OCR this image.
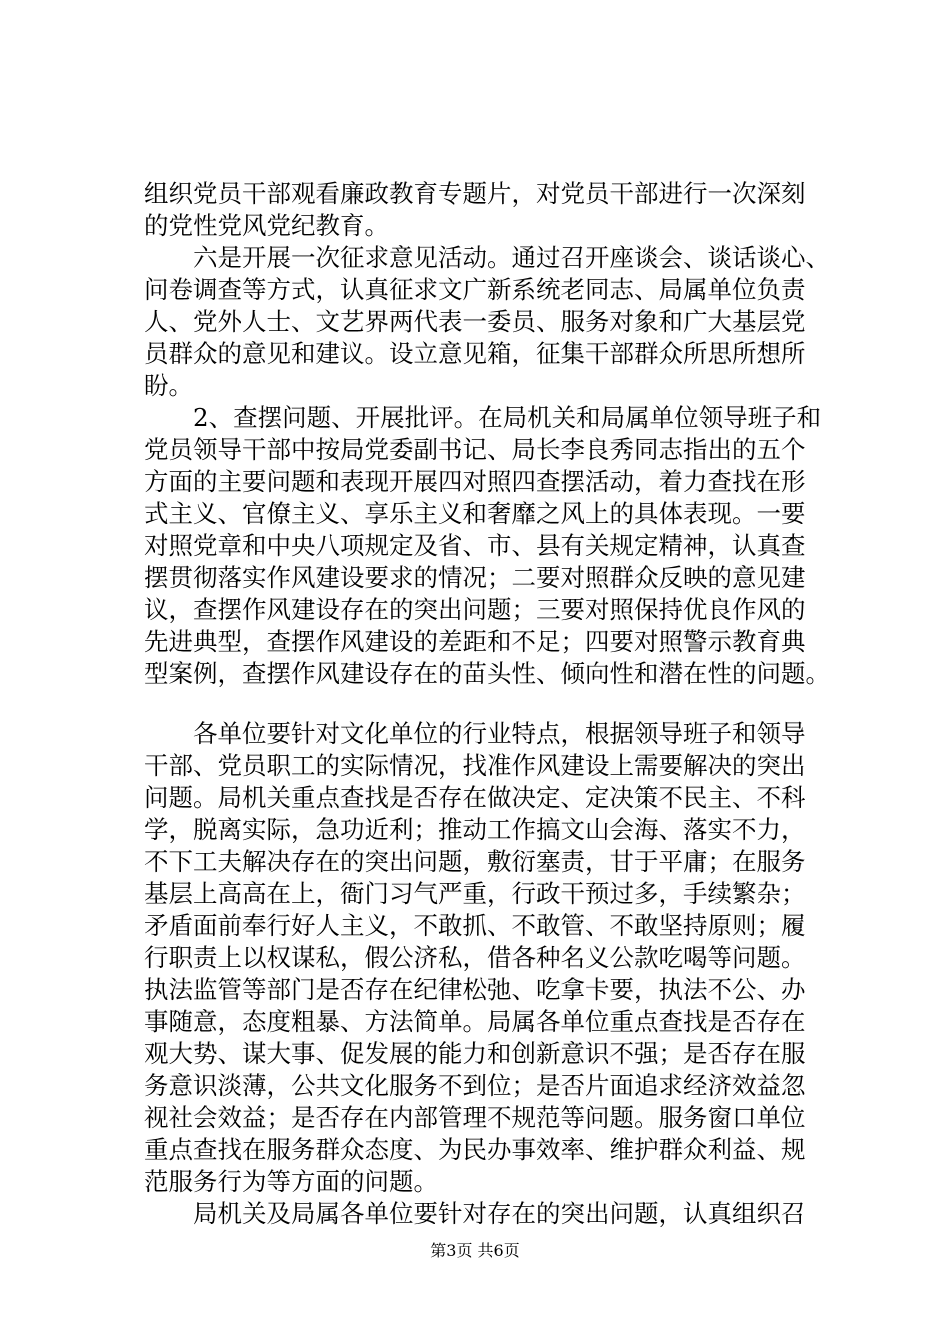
组织党员干部观看廉政教育专题片，对党员干部进行一次深刻
的党性党风党纪教育。
　　六是开展一次征求意见活动。通过召开座谈会、谈话谈心、
问卷调查等方式，认真征求文广新系统老同志、局属单位负责
人、党外人士、文艺界两代表一委员、服务对象和广大基层党
员群众的意见和建议。设立意见箱，征集干部群众所思所想所
盼。
　　2、查摆问题、开展批评。在局机关和局属单位领导班子和
党员领导干部中按局党委副书记、局长李良秀同志指出的五个
方面的主要问题和表现开展四对照四查摆活动，着力查找在形
式主义、官僚主义、享乐主义和奢靡之风上的具体表现。一要
对照党章和中央八项规定及省、市、县有关规定精神，认真查
摆贯彻落实作风建设要求的情况；二要对照群众反映的意见建
议，查摆作风建设存在的突出问题；三要对照保持优良作风的
先进典型，查摆作风建设的差距和不足；四要对照警示教育典
型案例，查摆作风建设存在的苗头性、倾向性和潜在性的问题。
　　各单位要针对文化单位的行业特点，根据领导班子和领导
干部、党员职工的实际情况，找准作风建设上需要解决的突出
问题。局机关重点查找是否存在做决定、定决策不民主、不科
学，脱离实际，急功近利；推动工作搞文山会海、落实不力，
不下工夫解决存在的突出问题，敷衍塞责，甘于平庸；在服务
基层上高高在上，衙门习气严重，行政干预过多，手续繁杂；
矛盾面前奉行好人主义，不敢抓、不敢管、不敢坚持原则；履
行职责上以权谋私，假公济私，借各种名义公款吃喝等问题。
执法监管等部门是否存在纪律松弛、吃拿卡要，执法不公、办
事随意，态度粗暴、方法简单。局属各单位重点查找是否存在
观大势、谋大事、促发展的能力和创新意识不强；是否存在服
务意识淡薄，公共文化服务不到位；是否片面追求经济效益忽
视社会效益；是否存在内部管理不规范等问题。服务窗口单位
重点查找在服务群众态度、为民办事效率、维护群众利益、规
范服务行为等方面的问题。
　　局机关及局属各单位要针对存在的突出问题，认真组织召
第3页 共6页
